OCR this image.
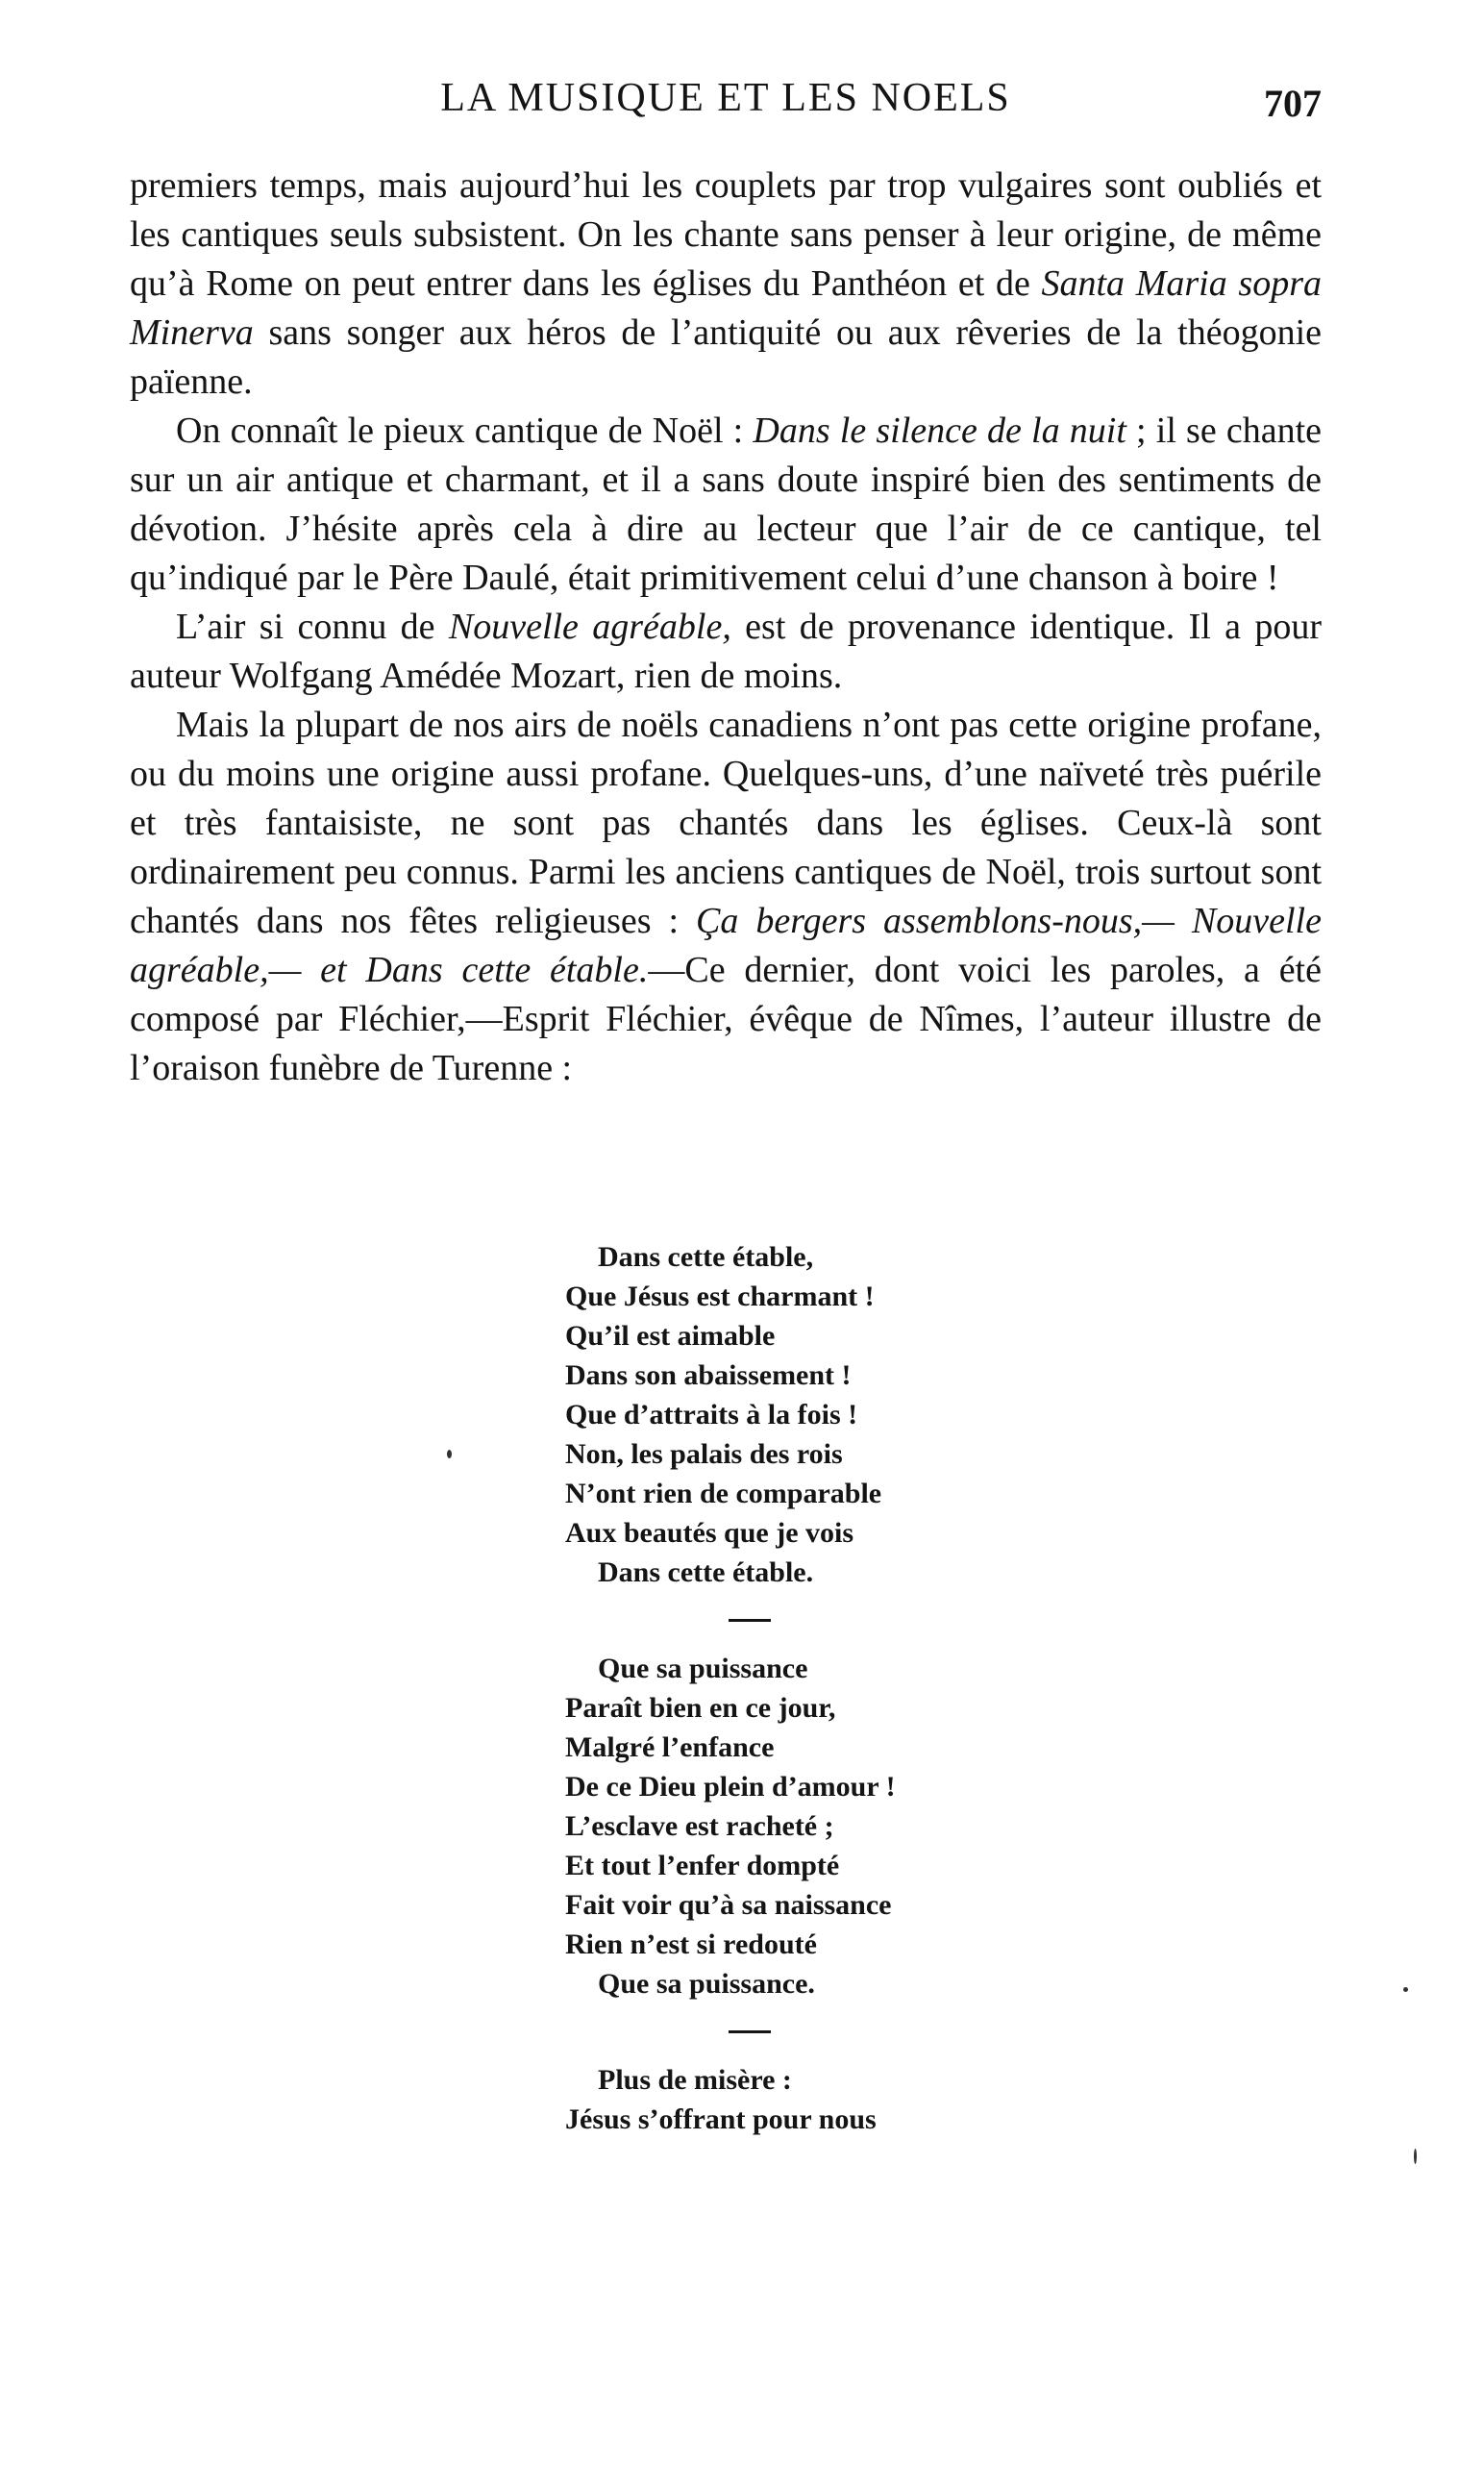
LA MUSIQUE ET LES NOELS	707

premiers temps, mais aujourd’hui les couplets par trop vulgaires sont oubliés et les cantiques seuls subsistent. On les chante sans penser à leur origine, de même qu’à Rome on peut entrer dans les églises du Panthéon et de Santa Maria sopra Minerva sans songer aux héros de l’antiquité ou aux rêveries de la théogonie païenne.

On connaît le pieux cantique de Noël : Dans le silence de la nuit ; il se chante sur un air antique et charmant, et il a sans doute inspiré bien des sentiments de dévotion. J’hésite après cela à dire au lecteur que l’air de ce cantique, tel qu’indiqué par le Père Daulé, était primitivement celui d’une chanson à boire !

L’air si connu de Nouvelle agréable, est de provenance identique. Il a pour auteur Wolfgang Amédée Mozart, rien de moins.

Mais la plupart de nos airs de noëls canadiens n’ont pas cette origine profane, ou du moins une origine aussi profane. Quelques-uns, d’une naïveté très puérile et très fantaisiste, ne sont pas chantés dans les églises. Ceux-là sont ordinairement peu connus. Parmi les anciens cantiques de Noël, trois surtout sont chantés dans nos fêtes religieuses : Ça bergers assemblons-nous,— Nouvelle agréable,— et Dans cette étable.—Ce dernier, dont voici les paroles, a été composé par Fléchier,—Esprit Fléchier, évêque de Nîmes, l’auteur illustre de l’oraison funèbre de Turenne :

Dans cette étable,
Que Jésus est charmant !
Qu’il est aimable
Dans son abaissement !
Que d’attraits à la fois !
Non, les palais des rois
N’ont rien de comparable
Aux beautés que je vois
Dans cette étable.
Que sa puissance
Paraît bien en ce jour,
Malgré l’enfance
De ce Dieu plein d’amour !
L’esclave est racheté ;
Et tout l’enfer dompté
Fait voir qu’à sa naissance
Rien n’est si redouté
Que sa puissance.
Plus de misère :
Jésus s’offrant pour nous
